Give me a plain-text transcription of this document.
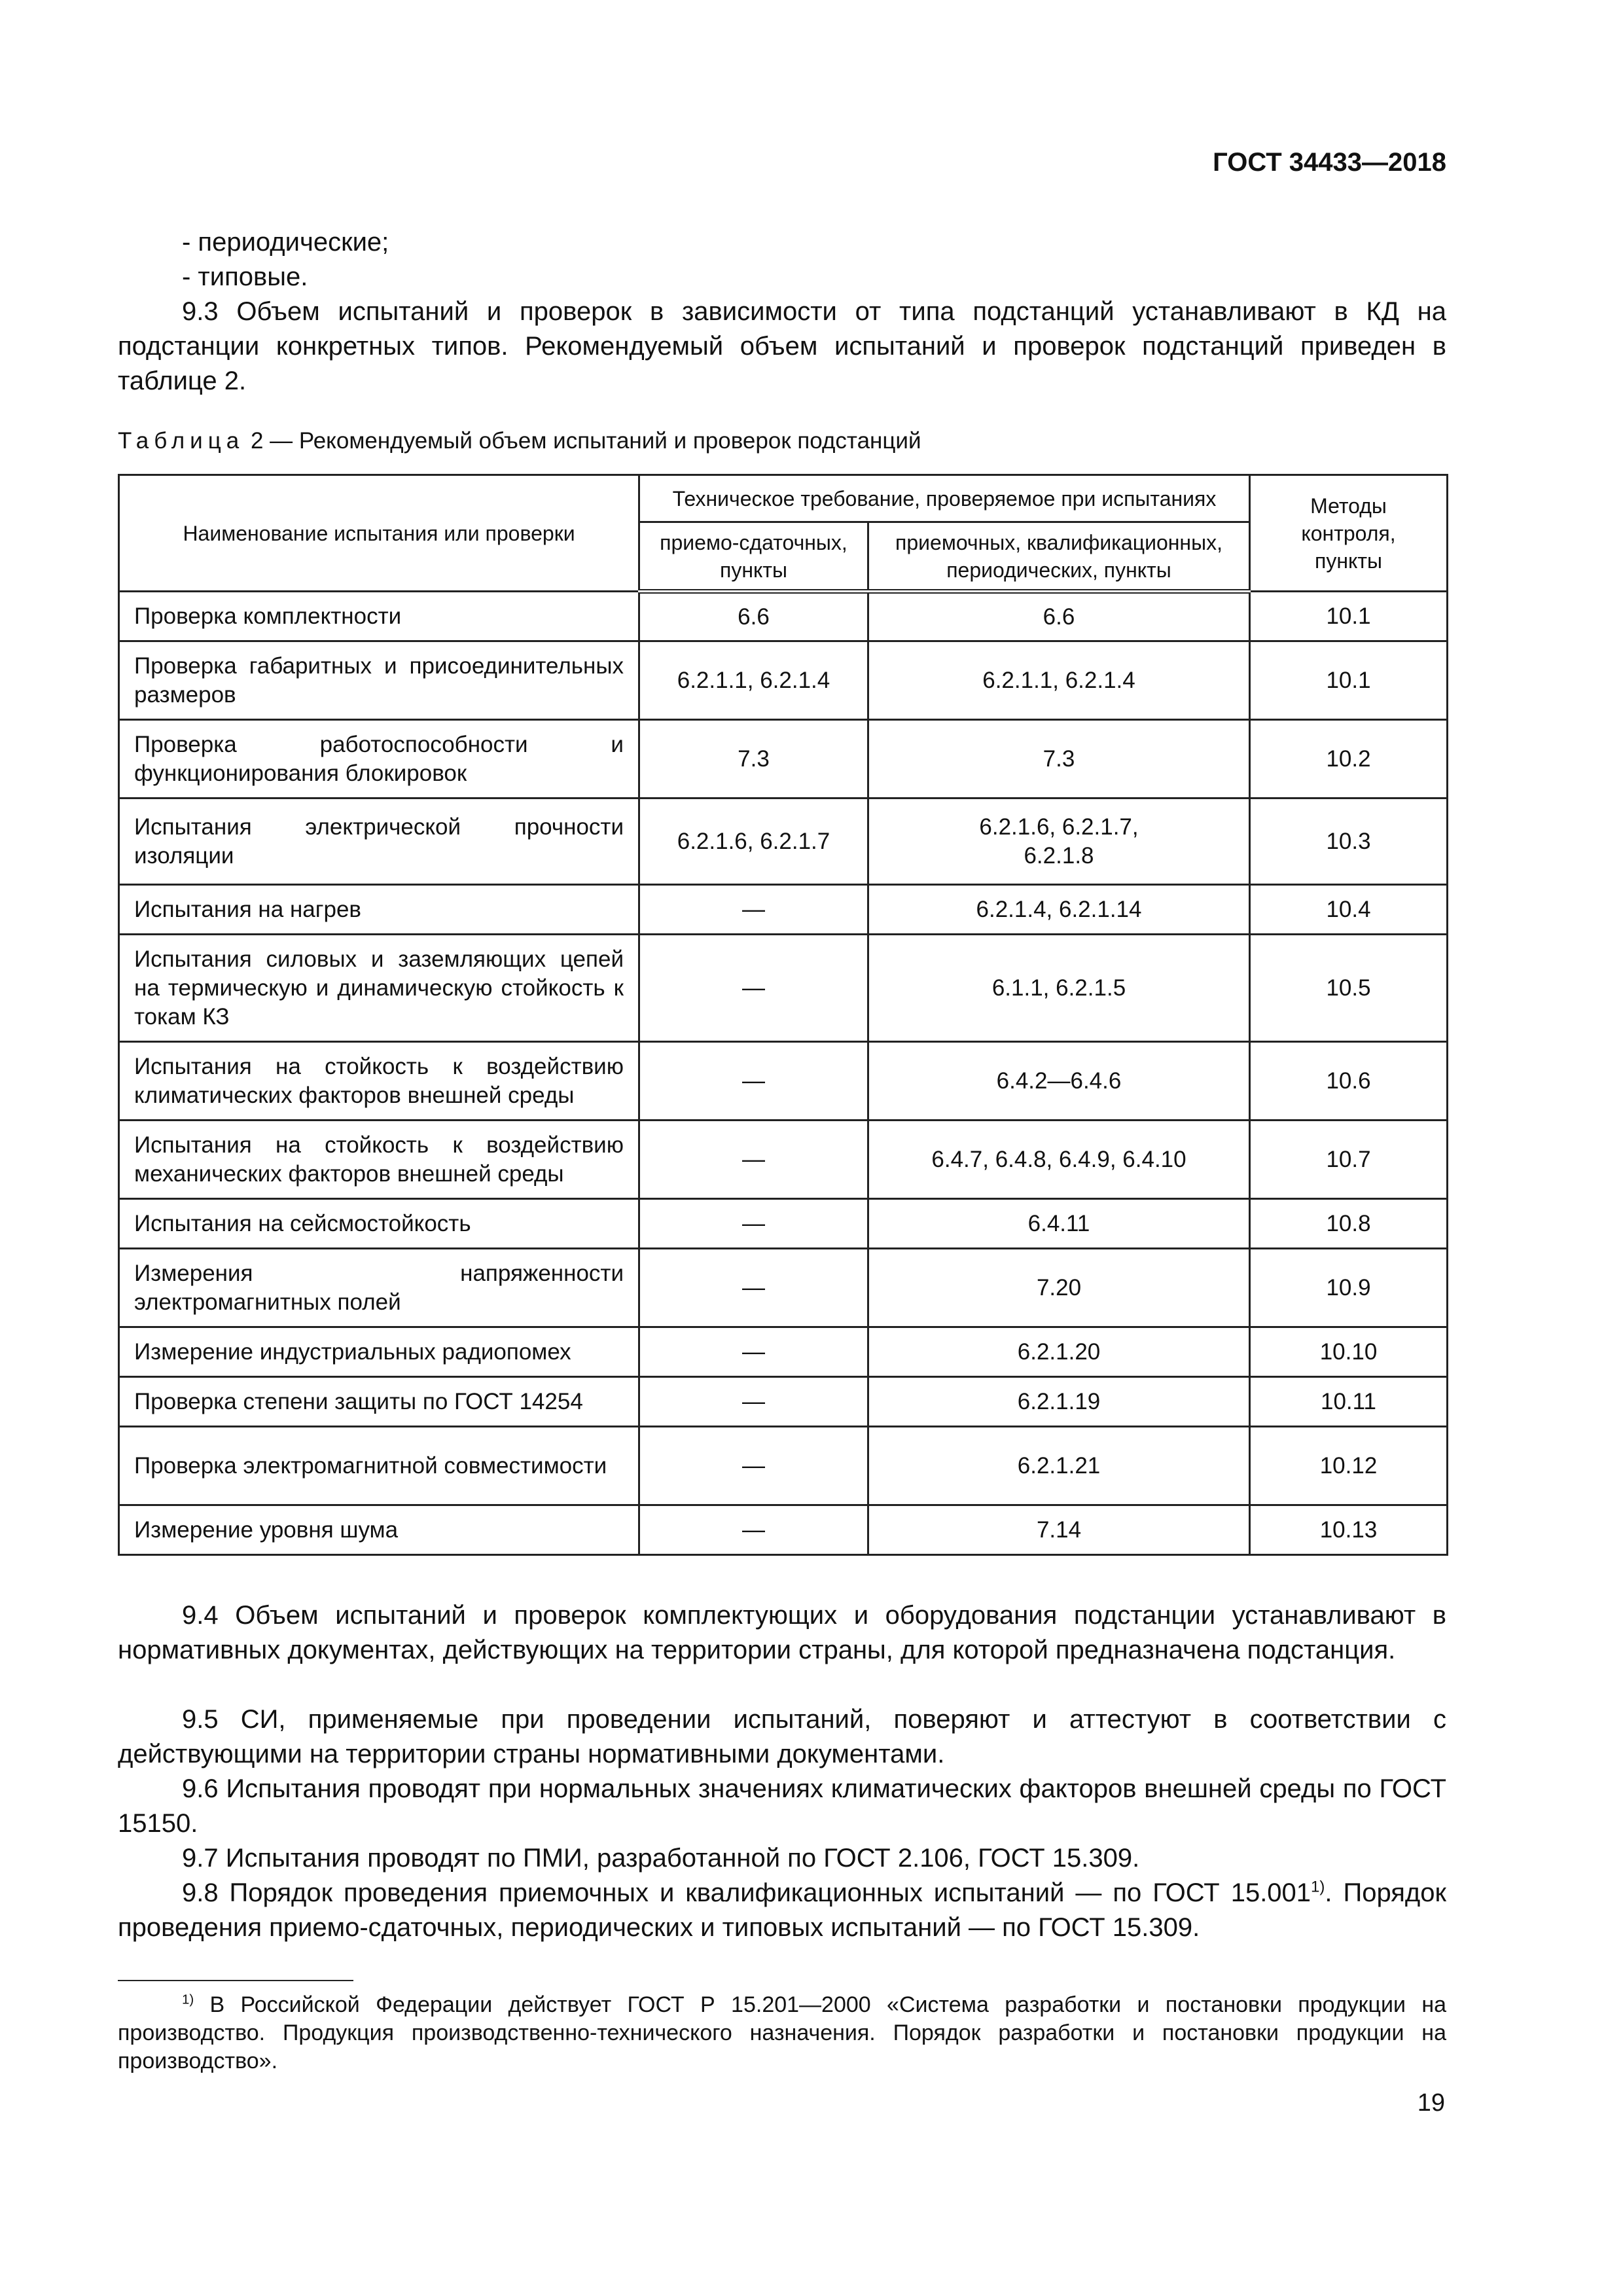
ГОСТ 34433—2018
- периодические;
- типовые.

9.3 Объем испытаний и проверок в зависимости от типа подстанций устанавливают в КД на подстанции конкретных типов. Рекомендуемый объем испытаний и проверок подстанций приведен в таблице 2.

Таблица 2 — Рекомендуемый объем испытаний и проверок подстанций
Наименование испытания или проверки	Техническое требование, проверяемое при испытаниях		Методы контроля, пункты
	приемо-сдаточных, пункты	приемочных, квалификационных, периодических, пункты	
Проверка комплектности	6.6	6.6	10.1
Проверка габаритных и присоединительных размеров	6.2.1.1, 6.2.1.4	6.2.1.1, 6.2.1.4	10.1
Проверка работоспособности и функционирования блокировок	7.3	7.3	10.2
Испытания электрической прочности изоляции	6.2.1.6, 6.2.1.7	6.2.1.6, 6.2.1.7, 6.2.1.8	10.3
Испытания на нагрев	—	6.2.1.4, 6.2.1.14	10.4
Испытания силовых и заземляющих цепей на термическую и динамическую стойкость к токам КЗ	—	6.1.1, 6.2.1.5	10.5
Испытания на стойкость к воздействию климатических факторов внешней среды	—	6.4.2—6.4.6	10.6
Испытания на стойкость к воздействию механических факторов внешней среды	—	6.4.7, 6.4.8, 6.4.9, 6.4.10	10.7
Испытания на сейсмостойкость	—	6.4.11	10.8
Измерения напряженности электромагнитных полей	—	7.20	10.9
Измерение индустриальных радиопомех	—	6.2.1.20	10.10
Проверка степени защиты по ГОСТ 14254	—	6.2.1.19	10.11
Проверка электромагнитной совместимости	—	6.2.1.21	10.12
Измерение уровня шума	—	7.14	10.13

9.4 Объем испытаний и проверок комплектующих и оборудования подстанции устанавливают в нормативных документах, действующих на территории страны, для которой предназначена подстанция.

9.5 СИ, применяемые при проведении испытаний, поверяют и аттестуют в соответствии с действующими на территории страны нормативными документами.

9.6 Испытания проводят при нормальных значениях климатических факторов внешней среды по ГОСТ 15150.

9.7 Испытания проводят по ПМИ, разработанной по ГОСТ 2.106, ГОСТ 15.309.

9.8 Порядок проведения приемочных и квалификационных испытаний — по ГОСТ 15.001$^{1)}$. Порядок проведения приемо-сдаточных, периодических и типовых испытаний — по ГОСТ 15.309.

$^{1)}$ В Российской Федерации действует ГОСТ Р 15.201—2000 «Система разработки и постановки продукции на производство. Продукция производственно-технического назначения. Порядок разработки и постановки продукции на производство».

19
